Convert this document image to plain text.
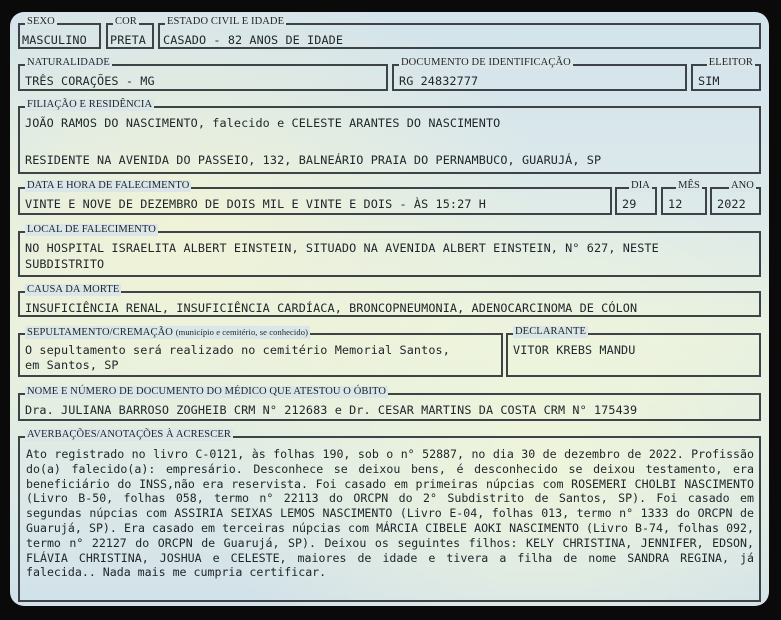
SEXO
MASCULINO
COR
PRETA
ESTADO CIVIL E IDADE
CASADO - 82 ANOS DE IDADE
NATURALIDADE
TRÊS CORAÇÕES - MG
DOCUMENTO DE IDENTIFICAÇÃO
RG 24832777
ELEITOR
SIM
FILIAÇÃO E RESIDÊNCIA
JOÃO RAMOS DO NASCIMENTO, falecido e CELESTE ARANTES DO NASCIMENTO
RESIDENTE NA AVENIDA DO PASSEIO, 132, BALNEÁRIO PRAIA DO PERNAMBUCO, GUARUJÁ, SP
DATA E HORA DE FALECIMENTO
VINTE E NOVE DE DEZEMBRO DE DOIS MIL E VINTE E DOIS - ÀS 15:27 H
DIA
29
MÊS
12
ANO
2022
LOCAL DE FALECIMENTO
NO HOSPITAL ISRAELITA ALBERT EINSTEIN, SITUADO NA AVENIDA ALBERT EINSTEIN, N° 627, NESTE
SUBDISTRITO
CAUSA DA MORTE
INSUFICIÊNCIA RENAL, INSUFICIÊNCIA CARDÍACA, BRONCOPNEUMONIA, ADENOCARCINOMA DE CÓLON
SEPULTAMENTO/CREMAÇÃO (município e cemitério, se conhecido)
O sepultamento será realizado no cemitério Memorial Santos,
em Santos, SP
DECLARANTE
VITOR KREBS MANDU
NOME E NÚMERO DE DOCUMENTO DO MÉDICO QUE ATESTOU O ÓBITO
Dra. JULIANA BARROSO ZOGHEIB CRM N° 212683 e Dr. CESAR MARTINS DA COSTA CRM N° 175439
AVERBAÇÕES/ANOTAÇÕES À ACRESCER
Ato registrado no livro C-0121, às folhas 190, sob o n° 52887, no dia 30 de dezembro de 2022. Profissão do(a) falecido(a): empresário. Desconhece se deixou bens, é desconhecido se deixou testamento, era beneficiário do INSS,não era reservista. Foi casado em primeiras núpcias com ROSEMERI CHOLBI NASCIMENTO (Livro B-50, folhas 058, termo n° 22113 do ORCPN do 2° Subdistrito de Santos, SP). Foi casado em segundas núpcias com ASSIRIA SEIXAS LEMOS NASCIMENTO (Livro E-04, folhas 013, termo n° 1333 do ORCPN de Guarujá, SP). Era casado em terceiras núpcias com MÁRCIA CIBELE AOKI NASCIMENTO (Livro B-74, folhas 092, termo n° 22127 do ORCPN de Guarujá, SP). Deixou os seguintes filhos: KELY CHRISTINA, JENNIFER, EDSON, FLÁVIA CHRISTINA, JOSHUA e CELESTE, maiores de idade e tivera a filha de nome SANDRA REGINA, já falecida.. Nada mais me cumpria certificar.
